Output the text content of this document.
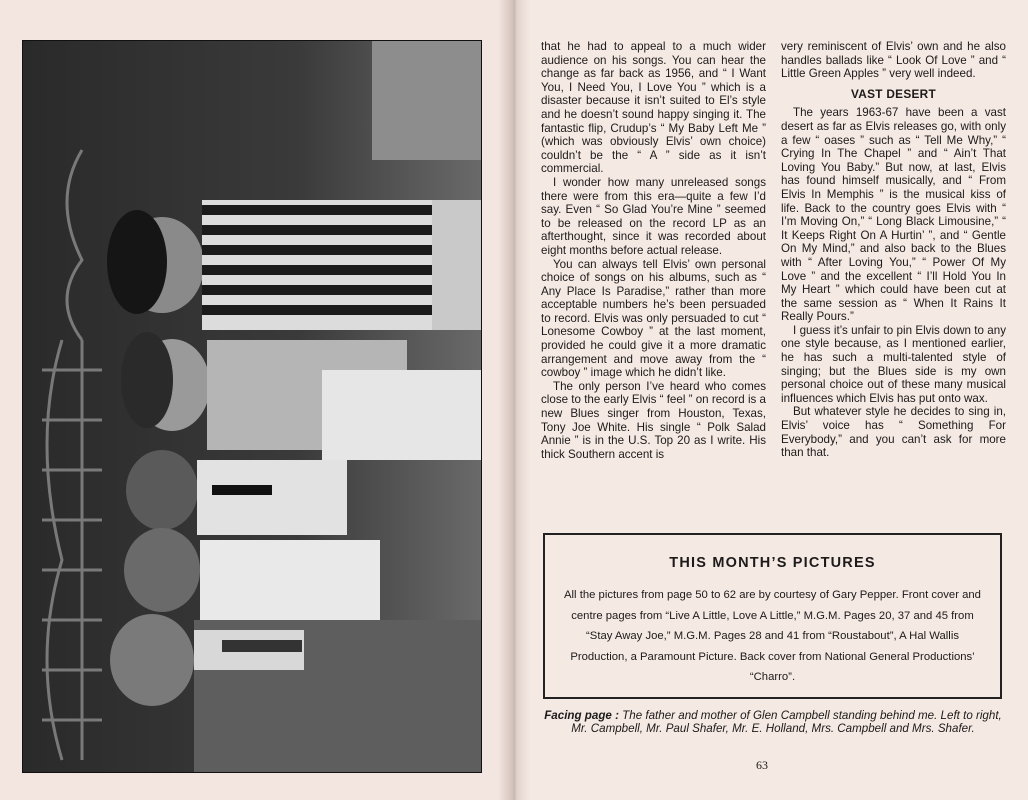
that he had to appeal to a much wider audience on his songs. You can hear the change as far back as 1956, and “ I Want You, I Need You, I Love You ” which is a disaster because it isn’t suited to El’s style and he doesn’t sound happy singing it. The fantastic flip, Crudup’s “ My Baby Left Me ” (which was obviously Elvis’ own choice) couldn’t be the “ A ” side as it isn’t commercial.

I wonder how many unreleased songs there were from this era—quite a few I’d say. Even “ So Glad You’re Mine ” seemed to be released on the record LP as an afterthought, since it was recorded about eight months before actual release.

You can always tell Elvis’ own personal choice of songs on his albums, such as “ Any Place Is Paradise,” rather than more acceptable numbers he’s been persuaded to record. Elvis was only persuaded to cut “ Lonesome Cowboy ” at the last moment, provided he could give it a more dramatic arrangement and move away from the “ cowboy ” image which he didn’t like.

The only person I’ve heard who comes close to the early Elvis “ feel ” on record is a new Blues singer from Houston, Texas, Tony Joe White. His single “ Polk Salad Annie ” is in the U.S. Top 20 as I write. His thick Southern accent is

very reminiscent of Elvis’ own and he also handles ballads like “ Look Of Love ” and “ Little Green Apples ” very well indeed.

VAST DESERT

The years 1963-67 have been a vast desert as far as Elvis releases go, with only a few “ oases ” such as “ Tell Me Why,” “ Crying In The Chapel ” and “ Ain’t That Loving You Baby.” But now, at last, Elvis has found himself musically, and “ From Elvis In Memphis ” is the musical kiss of life. Back to the country goes Elvis with “ I’m Moving On,” “ Long Black Limousine,” “ It Keeps Right On A Hurtin’ ”, and “ Gentle On My Mind,” and also back to the Blues with “ After Loving You,” “ Power Of My Love ” and the excellent “ I’ll Hold You In My Heart ” which could have been cut at the same session as “ When It Rains It Really Pours.”

I guess it’s unfair to pin Elvis down to any one style because, as I mentioned earlier, he has such a multi-talented style of singing; but the Blues side is my own personal choice out of these many musical influences which Elvis has put onto wax.

But whatever style he decides to sing in, Elvis’ voice has “ Something For Everybody,” and you can’t ask for more than that.

THIS MONTH’S PICTURES
All the pictures from page 50 to 62 are by courtesy of Gary Pepper. Front cover and centre pages from “Live A Little, Love A Little,” M.G.M. Pages 20, 37 and 45 from “Stay Away Joe,” M.G.M. Pages 28 and 41 from “Roustabout”, A Hal Wallis Production, a Paramount Picture. Back cover from National General Productions’ “Charro”.
Facing page : The father and mother of Glen Campbell standing behind me. Left to right, Mr. Campbell, Mr. Paul Shafer, Mr. E. Holland, Mrs. Campbell and Mrs. Shafer.
63
